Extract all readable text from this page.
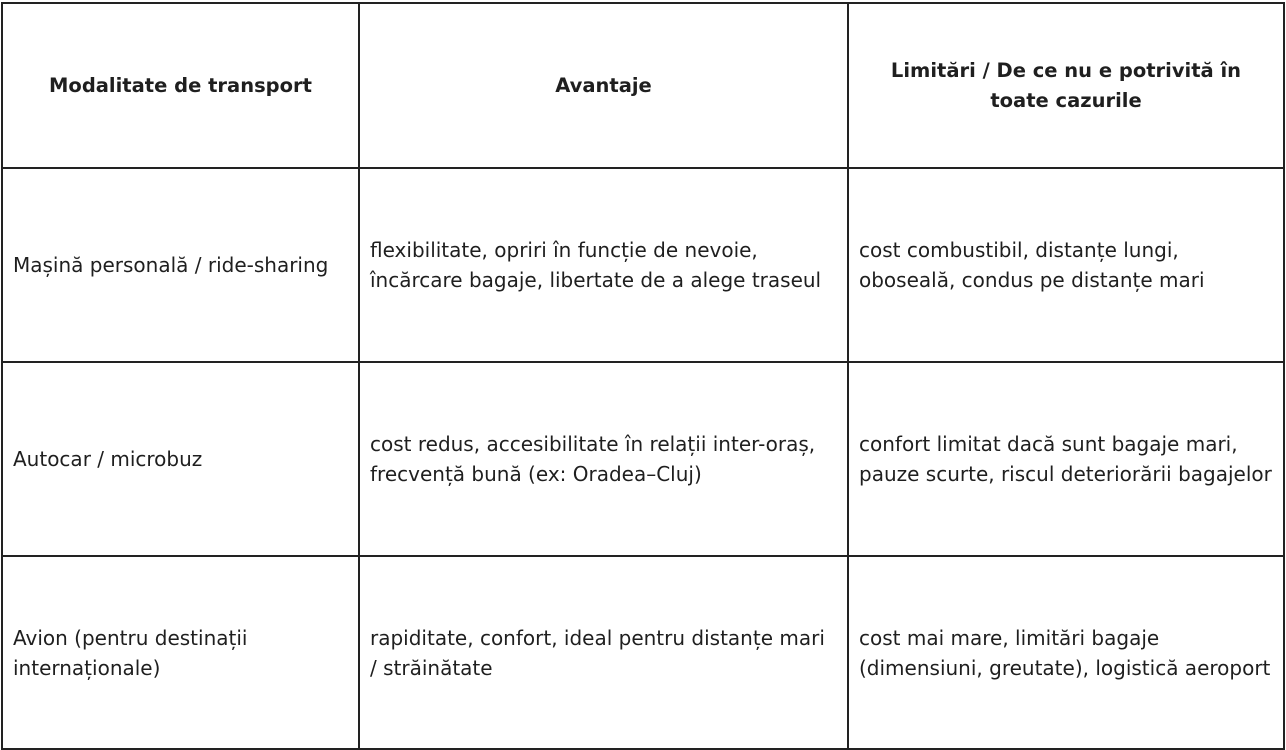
Modalitate de transport	Avantaje	Limitări / De ce nu e potrivită în toate cazurile
Mașină personală / ride-sharing	flexibilitate, opriri în funcție de nevoie, încărcare bagaje, libertate de a alege traseul	cost combustibil, distanțe lungi, oboseală, condus pe distanțe mari
Autocar / microbuz	cost redus, accesibilitate în relații inter-oraș, frecvență bună (ex: Oradea–Cluj)	confort limitat dacă sunt bagaje mari, pauze scurte, riscul deteriorării bagajelor
Avion (pentru destinații internaționale)	rapiditate, confort, ideal pentru distanțe mari / străinătate	cost mai mare, limitări bagaje (dimensiuni, greutate), logistică aeroport
